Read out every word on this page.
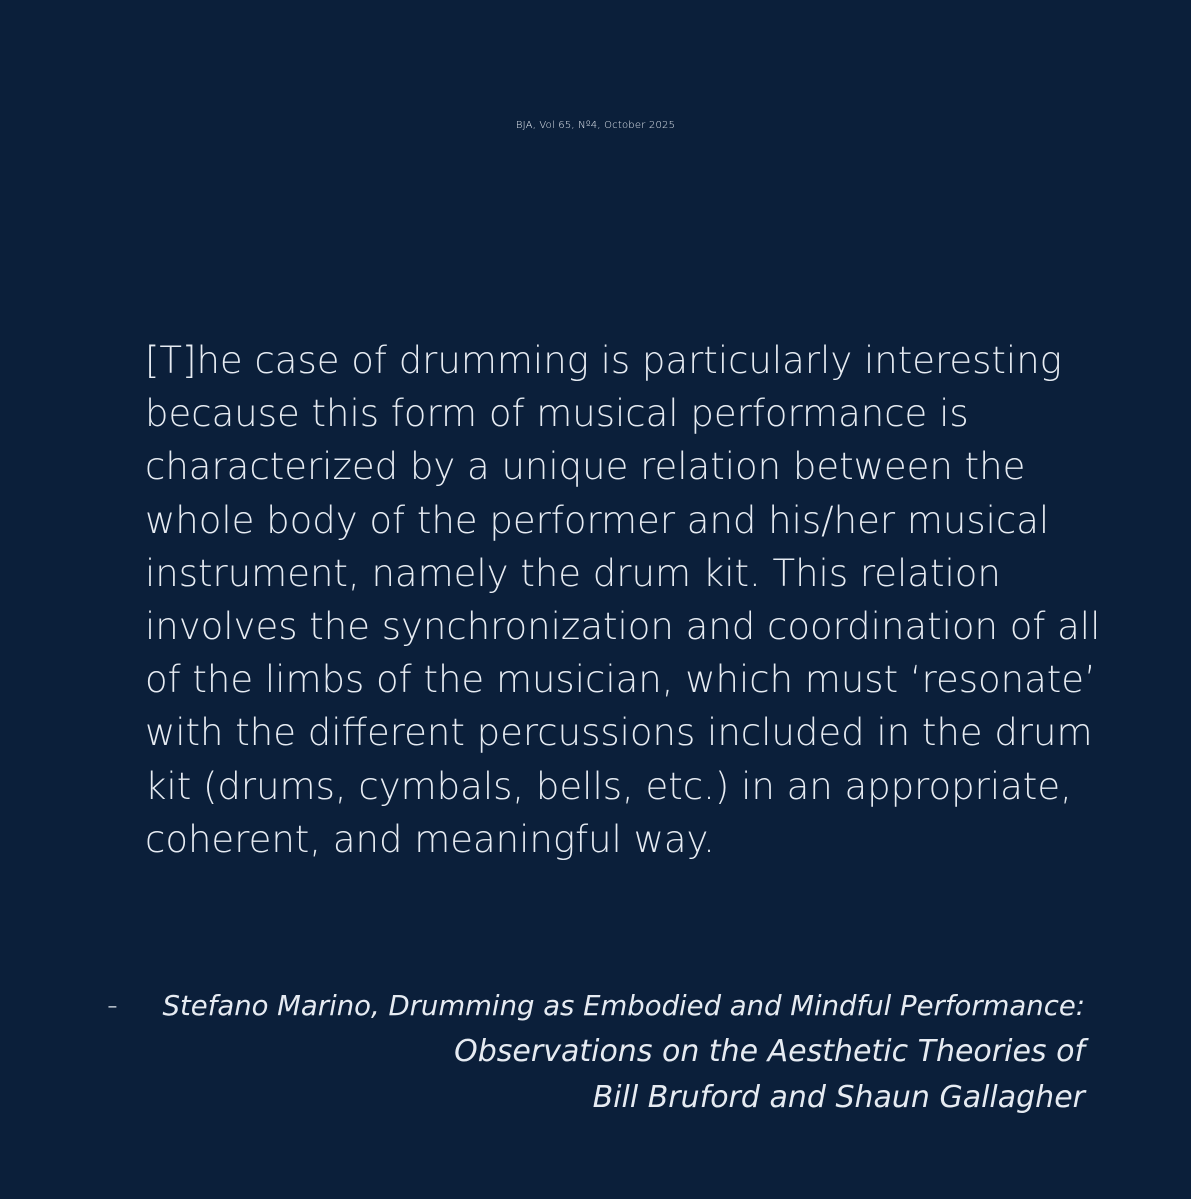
BJA, Vol 65, Nº4, October 2025
[T]he case of drumming is particularly interesting
because this form of musical performance is
characterized by a unique relation between the
whole body of the performer and his/her musical
instrument, namely the drum kit. This relation
involves the synchronization and coordination of all
of the limbs of the musician, which must ‘resonate’
with the different percussions included in the drum
kit (drums, cymbals, bells, etc.) in an appropriate,
coherent, and meaningful way.
- Stefano Marino, Drumming as Embodied and Mindful Performance:
Observations on the Aesthetic Theories of
Bill Bruford and Shaun Gallagher
